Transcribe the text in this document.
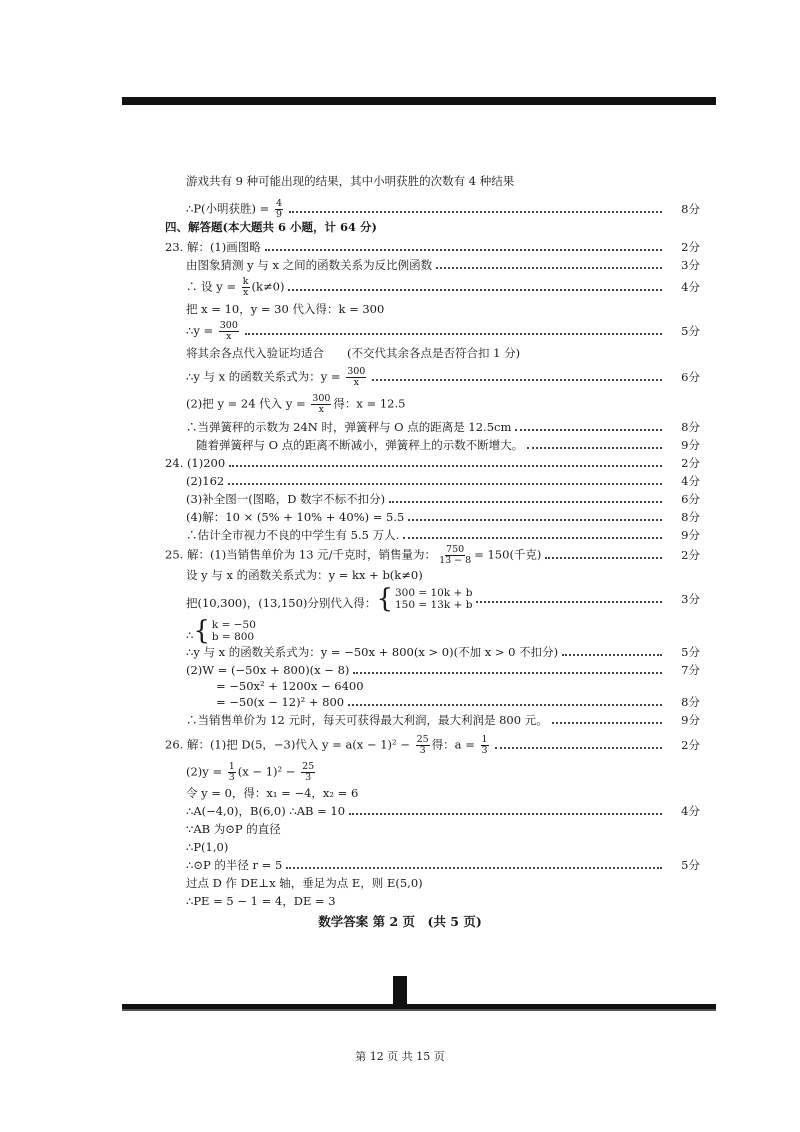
游戏共有 9 种可能出现的结果，其中小明获胜的次数有 4 种结果
∴P(小明获胜) = $\frac{4}{9}$	8分
四、解答题(本大题共 6 小题，计 64 分)
23. 解：(1)画图略	2分
由图象猜测 y 与 x 之间的函数关系为反比例函数	3分
∴ 设 $y = \frac{k}{x} (k\ne 0)$	4分
把 x = 10，y = 30 代入得：k = 300
∴y = $\frac{300}{x}$	5分
将其余各点代入验证均适合　　(不交代其余各点是否符合扣 1 分)
∴y 与 x 的函数关系式为：$y = \frac{300}{x}$	6分
(2)把 y = 24 代入 $y = \frac{300}{x}$ 得：x = 12.5
∴当弹簧秤的示数为 24N 时，弹簧秤与 O 点的距离是 12.5cm	8分
随着弹簧秤与 O 点的距离不断减小，弹簧秤上的示数不断增大。	9分
24. (1)200	2分
(2)162	4分
(3)补全图一(图略，D 数字不标不扣分)	6分
(4)解：10 × (5% + 10% + 40%) = 5.5	8分
∴估计全市视力不良的中学生有 5.5 万人.	9分
25. 解：(1)当销售单价为 13 元/千克时，销售量为： $\frac{750}{13 - 8} = 150$(千克)	2分
设 y 与 x 的函数关系式为：y = kx + b(k≠0)
把(10,300)，(13,150)分别代入得： { 300 = 10k + b
150 = 13k + b	3分
∴ { k = −50
b = 800
∴y 与 x 的函数关系式为：y = −50x + 800(x > 0)(不加 x > 0 不扣分)	5分
(2)W = (−50x + 800)(x − 8)	7分
= −50x² + 1200x − 6400
= −50(x − 12)² + 800	8分
∴当销售单价为 12 元时，每天可获得最大利润，最大利润是 800 元。	9分
26. 解：(1)把 D(5，−3)代入 $y = a(x - 1)^2 - \frac{25}{3}$ 得：$a = \frac{1}{3}$	2分
$(2)y = \frac{1}{3} (x - 1)^2 - \frac{25}{3}$
令 y = 0，得：x₁ = −4，x₂ = 6
∴A(−4,0)，B(6,0) ∴AB = 10	4分
∵AB 为⊙P 的直径
∴P(1,0)
∴⊙P 的半径 r = 5	5分
过点 D 作 DE⊥x 轴，垂足为点 E，则 E(5,0)
∴PE = 5 − 1 = 4，DE = 3
数学答案 第 2 页　(共 5 页)
第 12 页 共 15 页
